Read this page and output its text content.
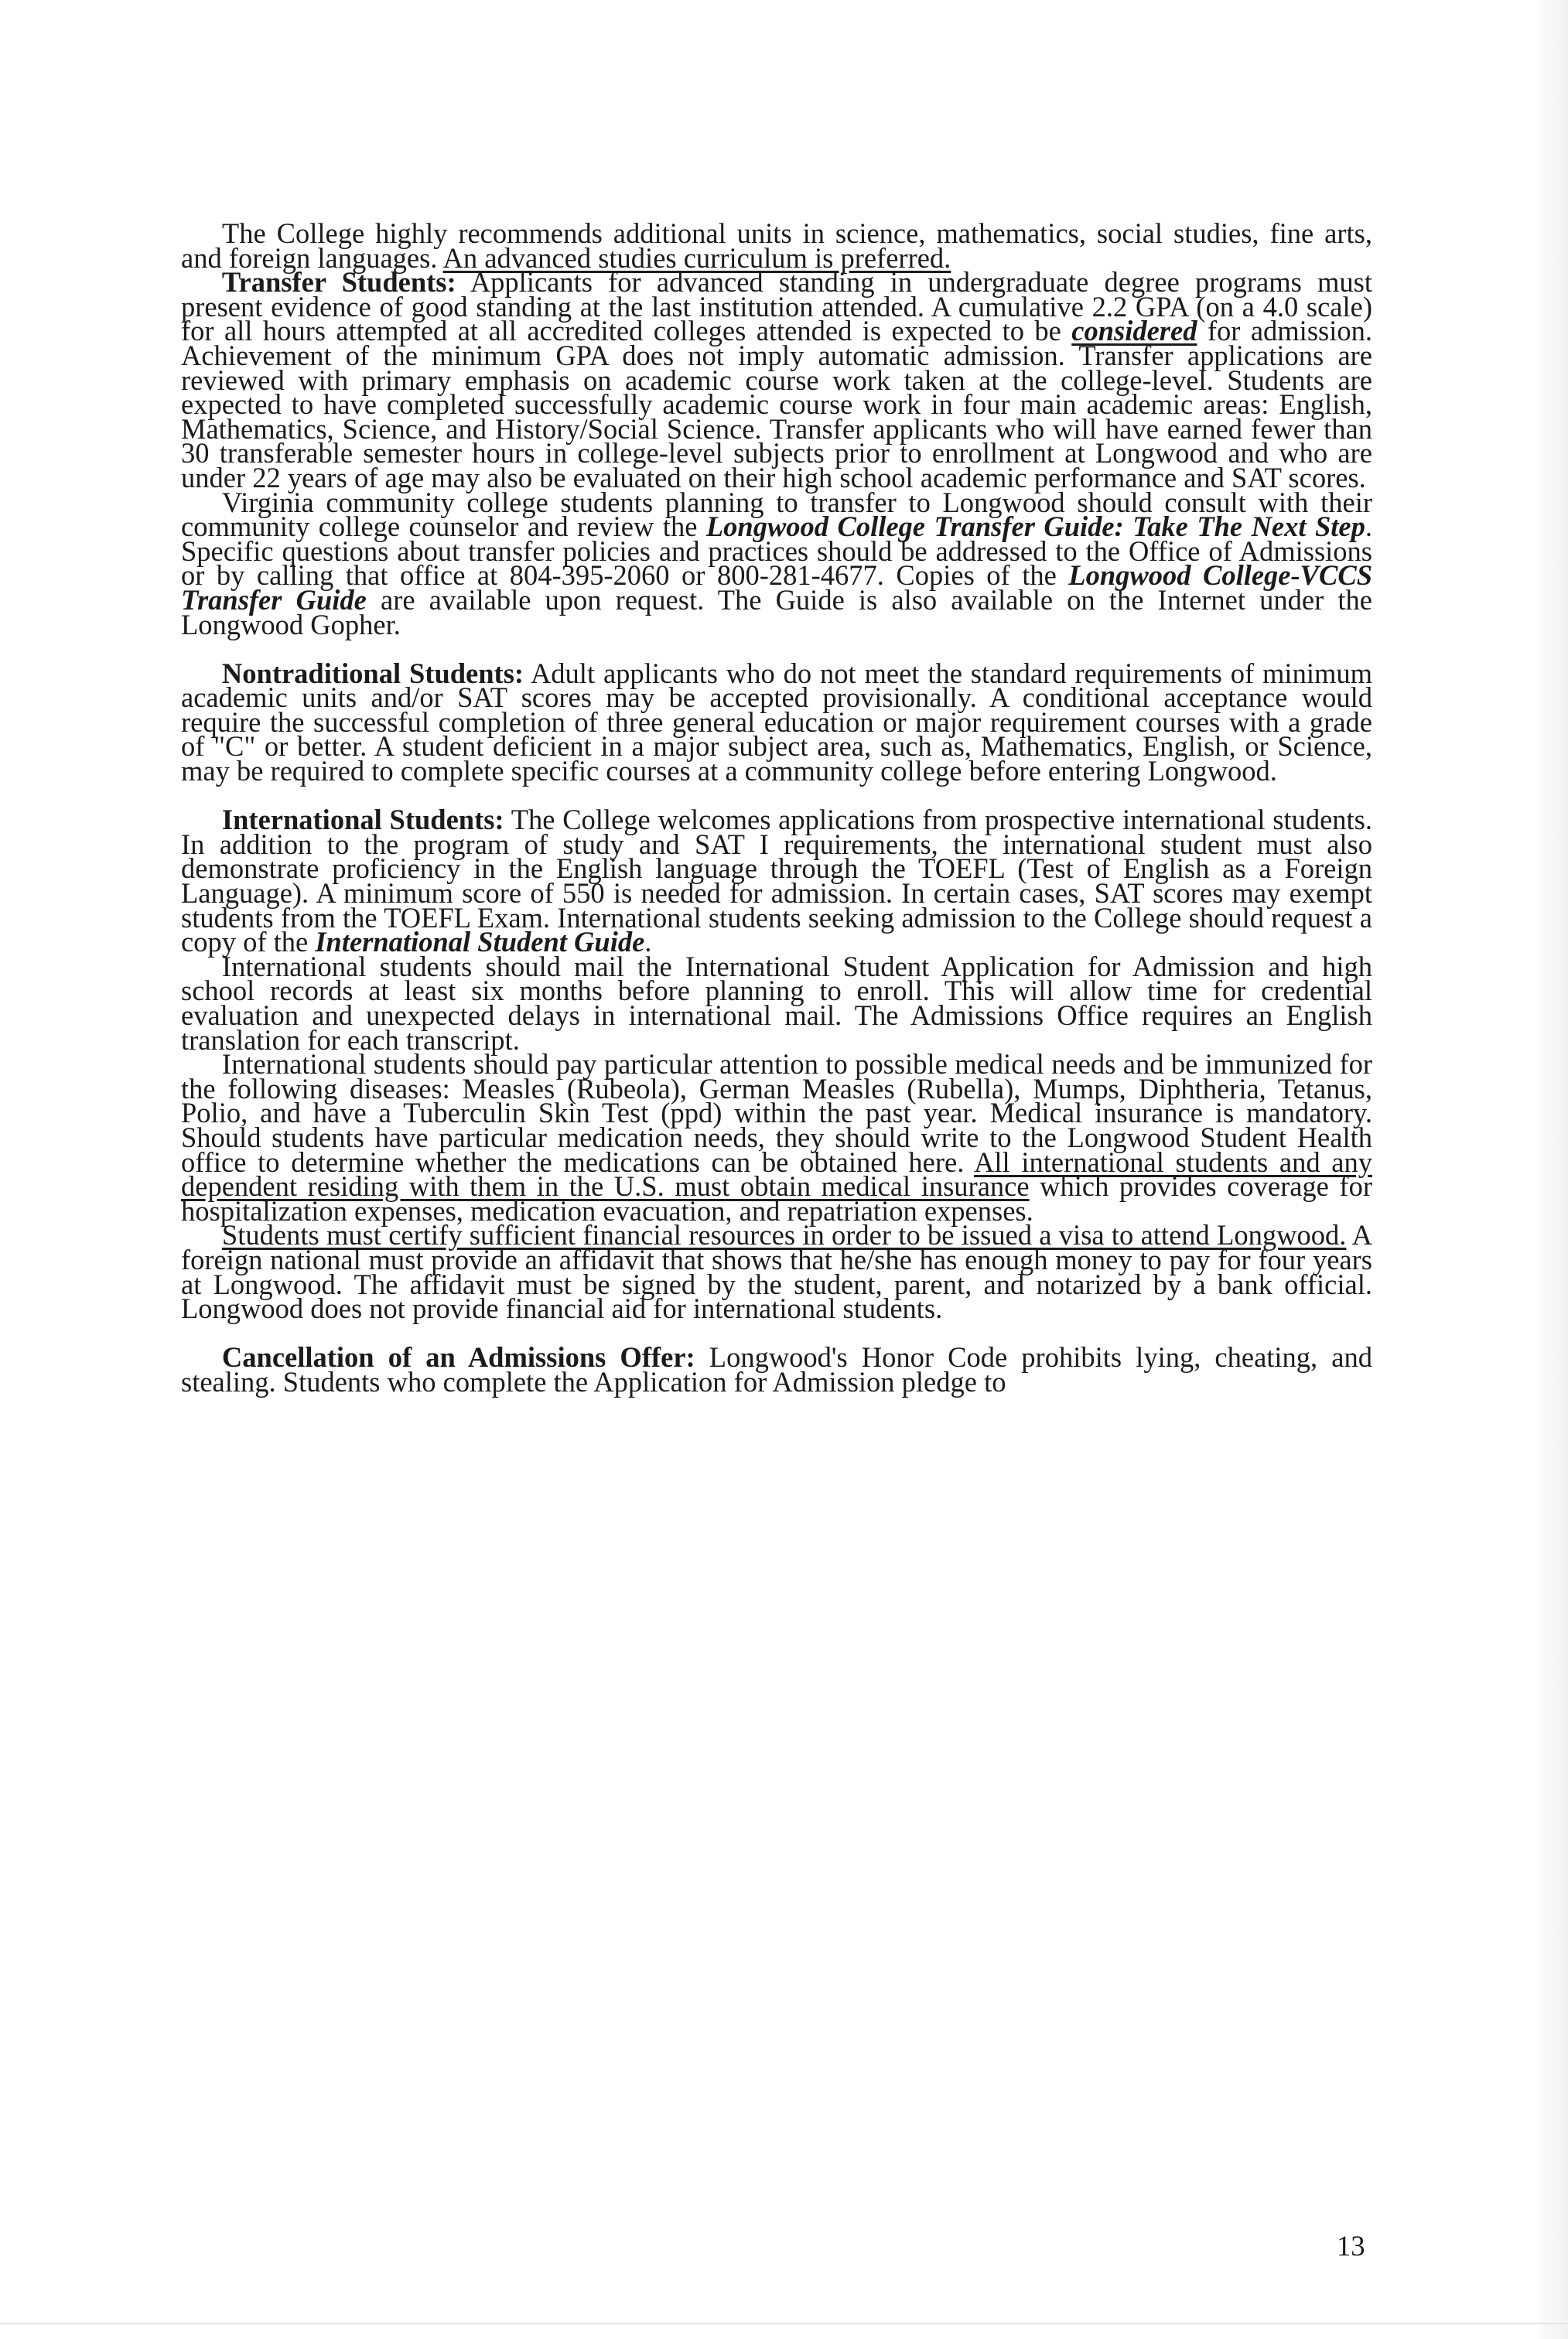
The College highly recommends additional units in science, mathematics, social studies, fine arts, and foreign languages. An advanced studies curriculum is preferred.

Transfer Students: Applicants for advanced standing in undergraduate degree programs must present evidence of good standing at the last institution attended. A cumulative 2.2 GPA (on a 4.0 scale) for all hours attempted at all accredited colleges attended is expected to be considered for admission. Achievement of the minimum GPA does not imply automatic admission. Transfer applications are reviewed with primary emphasis on academic course work taken at the college-level. Students are expected to have completed successfully academic course work in four main academic areas: English, Mathematics, Science, and History/Social Science. Transfer applicants who will have earned fewer than 30 transferable semester hours in college-level subjects prior to enrollment at Longwood and who are under 22 years of age may also be evaluated on their high school academic performance and SAT scores.

Virginia community college students planning to transfer to Longwood should consult with their community college counselor and review the Longwood College Transfer Guide: Take The Next Step. Specific questions about transfer policies and practices should be addressed to the Office of Admissions or by calling that office at 804-395-2060 or 800-281-4677. Copies of the Longwood College-VCCS Transfer Guide are available upon request. The Guide is also available on the Internet under the Longwood Gopher.

Nontraditional Students: Adult applicants who do not meet the standard requirements of minimum academic units and/or SAT scores may be accepted provisionally. A conditional acceptance would require the successful completion of three general education or major requirement courses with a grade of "C" or better. A student deficient in a major subject area, such as, Mathematics, English, or Science, may be required to complete specific courses at a community college before entering Longwood.

International Students: The College welcomes applications from prospective international students. In addition to the program of study and SAT I requirements, the international student must also demonstrate proficiency in the English language through the TOEFL (Test of English as a Foreign Language). A minimum score of 550 is needed for admission. In certain cases, SAT scores may exempt students from the TOEFL Exam. International students seeking admission to the College should request a copy of the International Student Guide.

International students should mail the International Student Application for Admission and high school records at least six months before planning to enroll. This will allow time for credential evaluation and unexpected delays in international mail. The Admissions Office requires an English translation for each transcript.

International students should pay particular attention to possible medical needs and be immunized for the following diseases: Measles (Rubeola), German Measles (Rubella), Mumps, Diphtheria, Tetanus, Polio, and have a Tuberculin Skin Test (ppd) within the past year. Medical insurance is mandatory. Should students have particular medication needs, they should write to the Longwood Student Health office to determine whether the medications can be obtained here. All international students and any dependent residing with them in the U.S. must obtain medical insurance which provides coverage for hospitalization expenses, medication evacuation, and repatriation expenses.

Students must certify sufficient financial resources in order to be issued a visa to attend Longwood. A foreign national must provide an affidavit that shows that he/she has enough money to pay for four years at Longwood. The affidavit must be signed by the student, parent, and notarized by a bank official. Longwood does not provide financial aid for international students.

Cancellation of an Admissions Offer: Longwood's Honor Code prohibits lying, cheating, and stealing. Students who complete the Application for Admission pledge to

13
